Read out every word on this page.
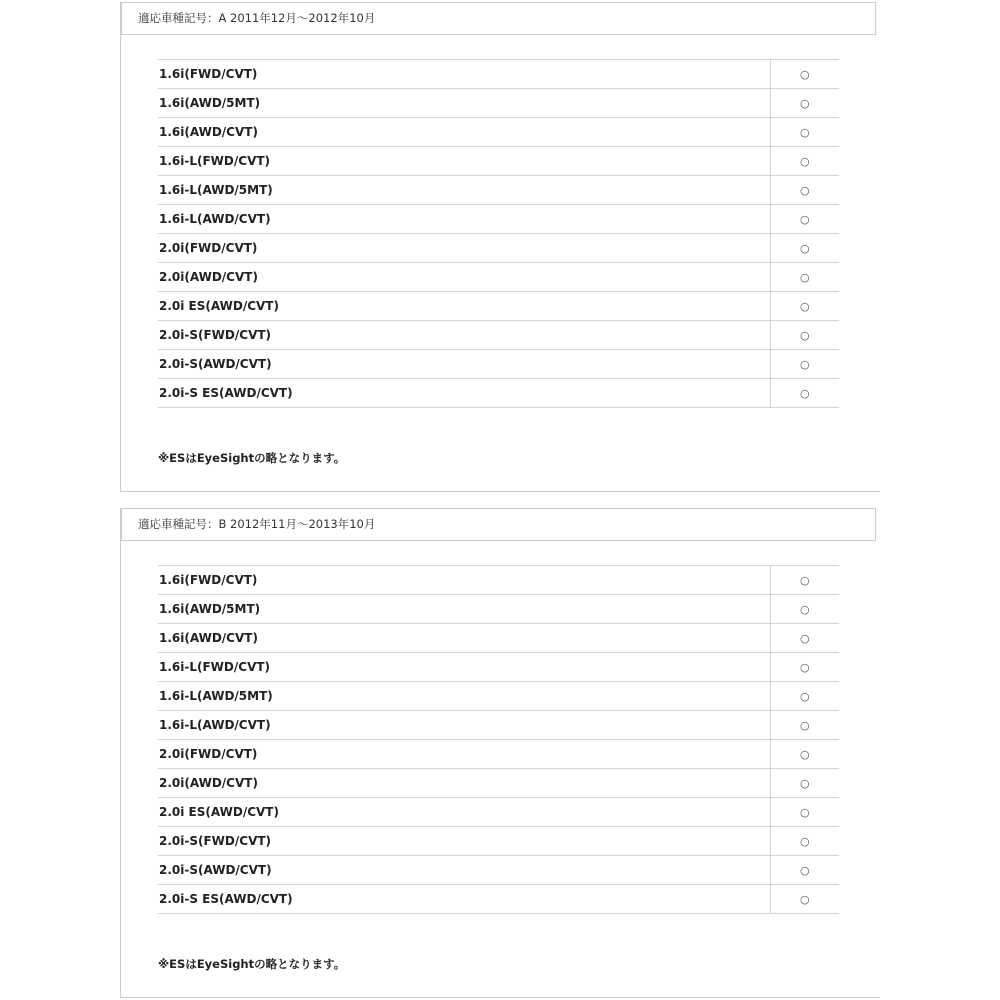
適応車種記号：A 2011年12月～2012年10月
1.6i(FWD/CVT)	○
1.6i(AWD/5MT)	○
1.6i(AWD/CVT)	○
1.6i-L(FWD/CVT)	○
1.6i-L(AWD/5MT)	○
1.6i-L(AWD/CVT)	○
2.0i(FWD/CVT)	○
2.0i(AWD/CVT)	○
2.0i ES(AWD/CVT)	○
2.0i-S(FWD/CVT)	○
2.0i-S(AWD/CVT)	○
2.0i-S ES(AWD/CVT)	○
※ESはEyeSightの略となります。
適応車種記号：B 2012年11月～2013年10月
1.6i(FWD/CVT)	○
1.6i(AWD/5MT)	○
1.6i(AWD/CVT)	○
1.6i-L(FWD/CVT)	○
1.6i-L(AWD/5MT)	○
1.6i-L(AWD/CVT)	○
2.0i(FWD/CVT)	○
2.0i(AWD/CVT)	○
2.0i ES(AWD/CVT)	○
2.0i-S(FWD/CVT)	○
2.0i-S(AWD/CVT)	○
2.0i-S ES(AWD/CVT)	○
※ESはEyeSightの略となります。
